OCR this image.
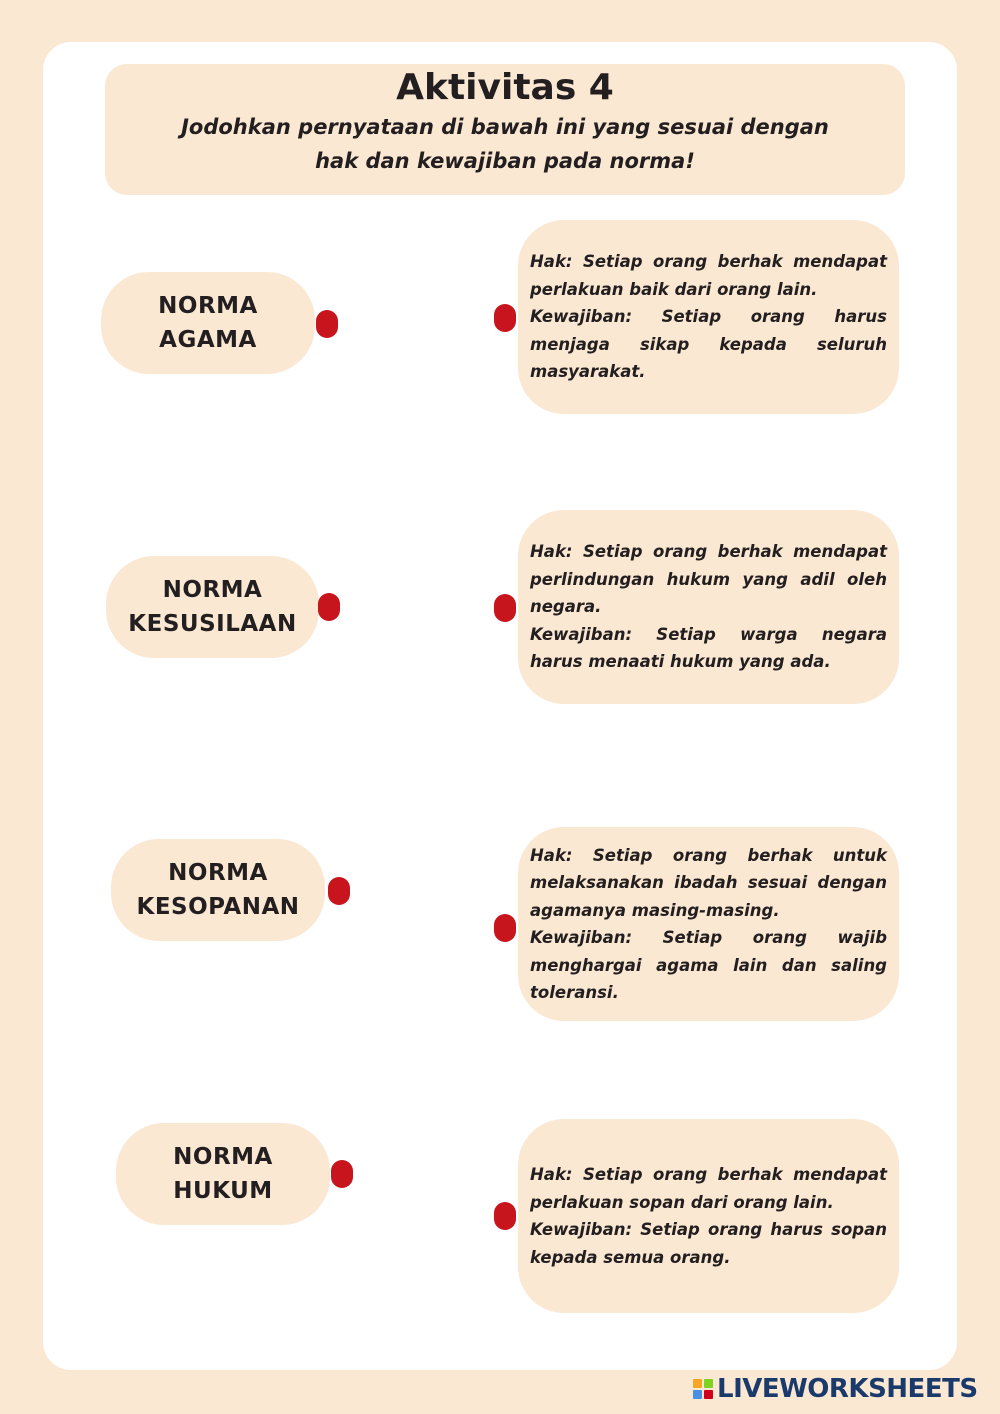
Aktivitas 4
Jodohkan pernyataan di bawah ini yang sesuai dengan
hak dan kewajiban pada norma!
NORMA
AGAMA
NORMA
KESUSILAAN
NORMA
KESOPANAN
NORMA
HUKUM

Hak: Setiap orang berhak mendapat perlakuan baik dari orang lain.

Kewajiban: Setiap orang harus menjaga sikap kepada seluruh masyarakat.

Hak: Setiap orang berhak mendapat perlindungan hukum yang adil oleh negara.

Kewajiban: Setiap warga negara harus menaati hukum yang ada.

Hak: Setiap orang berhak untuk melaksanakan ibadah sesuai dengan agamanya masing-masing.

Kewajiban: Setiap orang wajib menghargai agama lain dan saling toleransi.

Hak: Setiap orang berhak mendapat perlakuan sopan dari orang lain.

Kewajiban: Setiap orang harus sopan kepada semua orang.

LIVEWORKSHEETS
